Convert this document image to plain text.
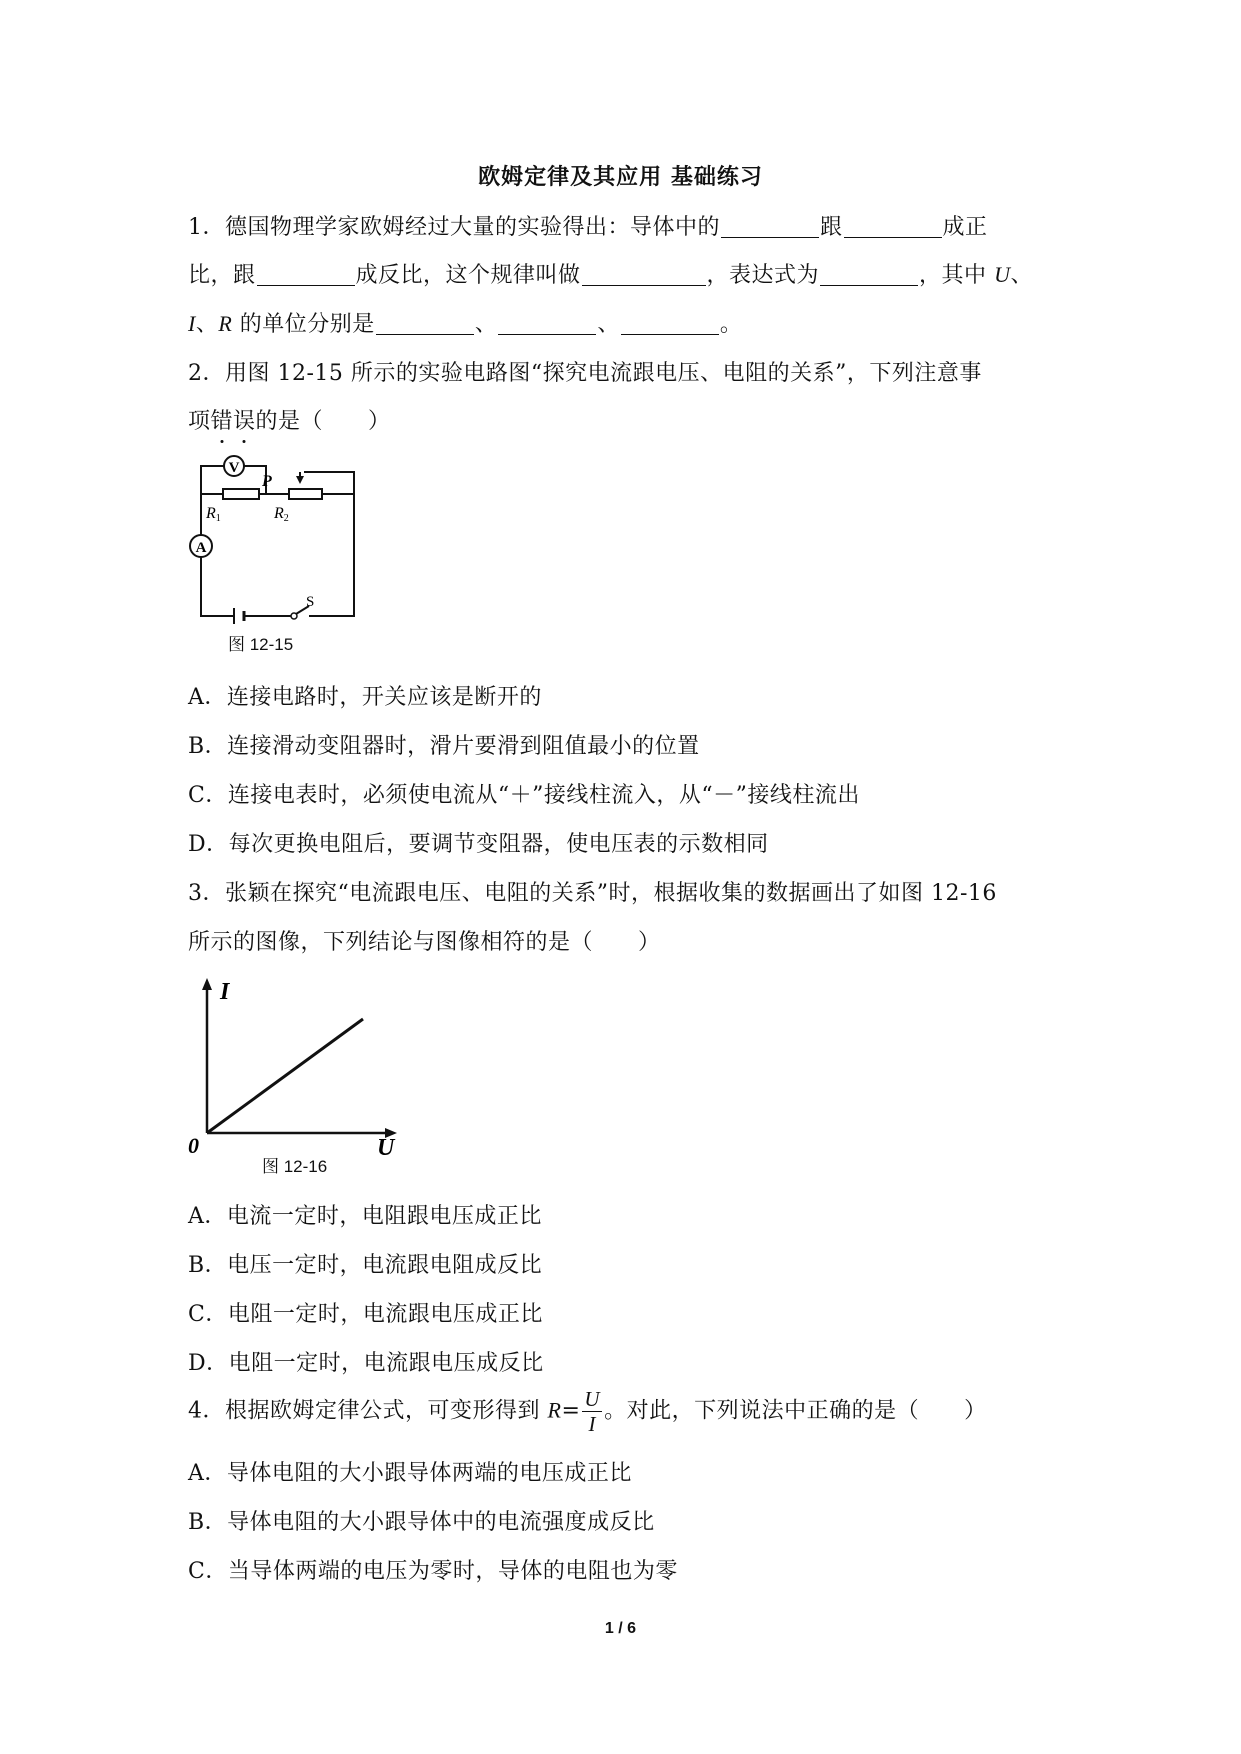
欧姆定律及其应用 基础练习
1．德国物理学家欧姆经过大量的实验得出：导体中的	跟	成正
比，跟	成反比，这个规律叫做	，表达式为	，其中 U、
I、R 的单位分别是	、	、	。
2．用图 12-15 所示的实验电路图“探究电流跟电压、电阻的关系”，下列注意事
项错误的是（　　）
V
A
P
R1	R2
S
图 12-15
A．连接电路时，开关应该是断开的
B．连接滑动变阻器时，滑片要滑到阻值最小的位置
C．连接电表时，必须使电流从“＋”接线柱流入，从“－”接线柱流出
D．每次更换电阻后，要调节变阻器，使电压表的示数相同
3．张颖在探究“电流跟电压、电阻的关系”时，根据收集的数据画出了如图 12-16
所示的图像，下列结论与图像相符的是（　　）
I
U
0
图 12-16
A．电流一定时，电阻跟电压成正比
B．电压一定时，电流跟电阻成反比
C．电阻一定时，电流跟电压成正比
D．电阻一定时，电流跟电压成反比
4．根据欧姆定律公式，可变形得到 $R= \frac{U}{I}$ 。对此，下列说法中正确的是（　　）
A．导体电阻的大小跟导体两端的电压成正比
B．导体电阻的大小跟导体中的电流强度成反比
C．当导体两端的电压为零时，导体的电阻也为零
1 / 6
